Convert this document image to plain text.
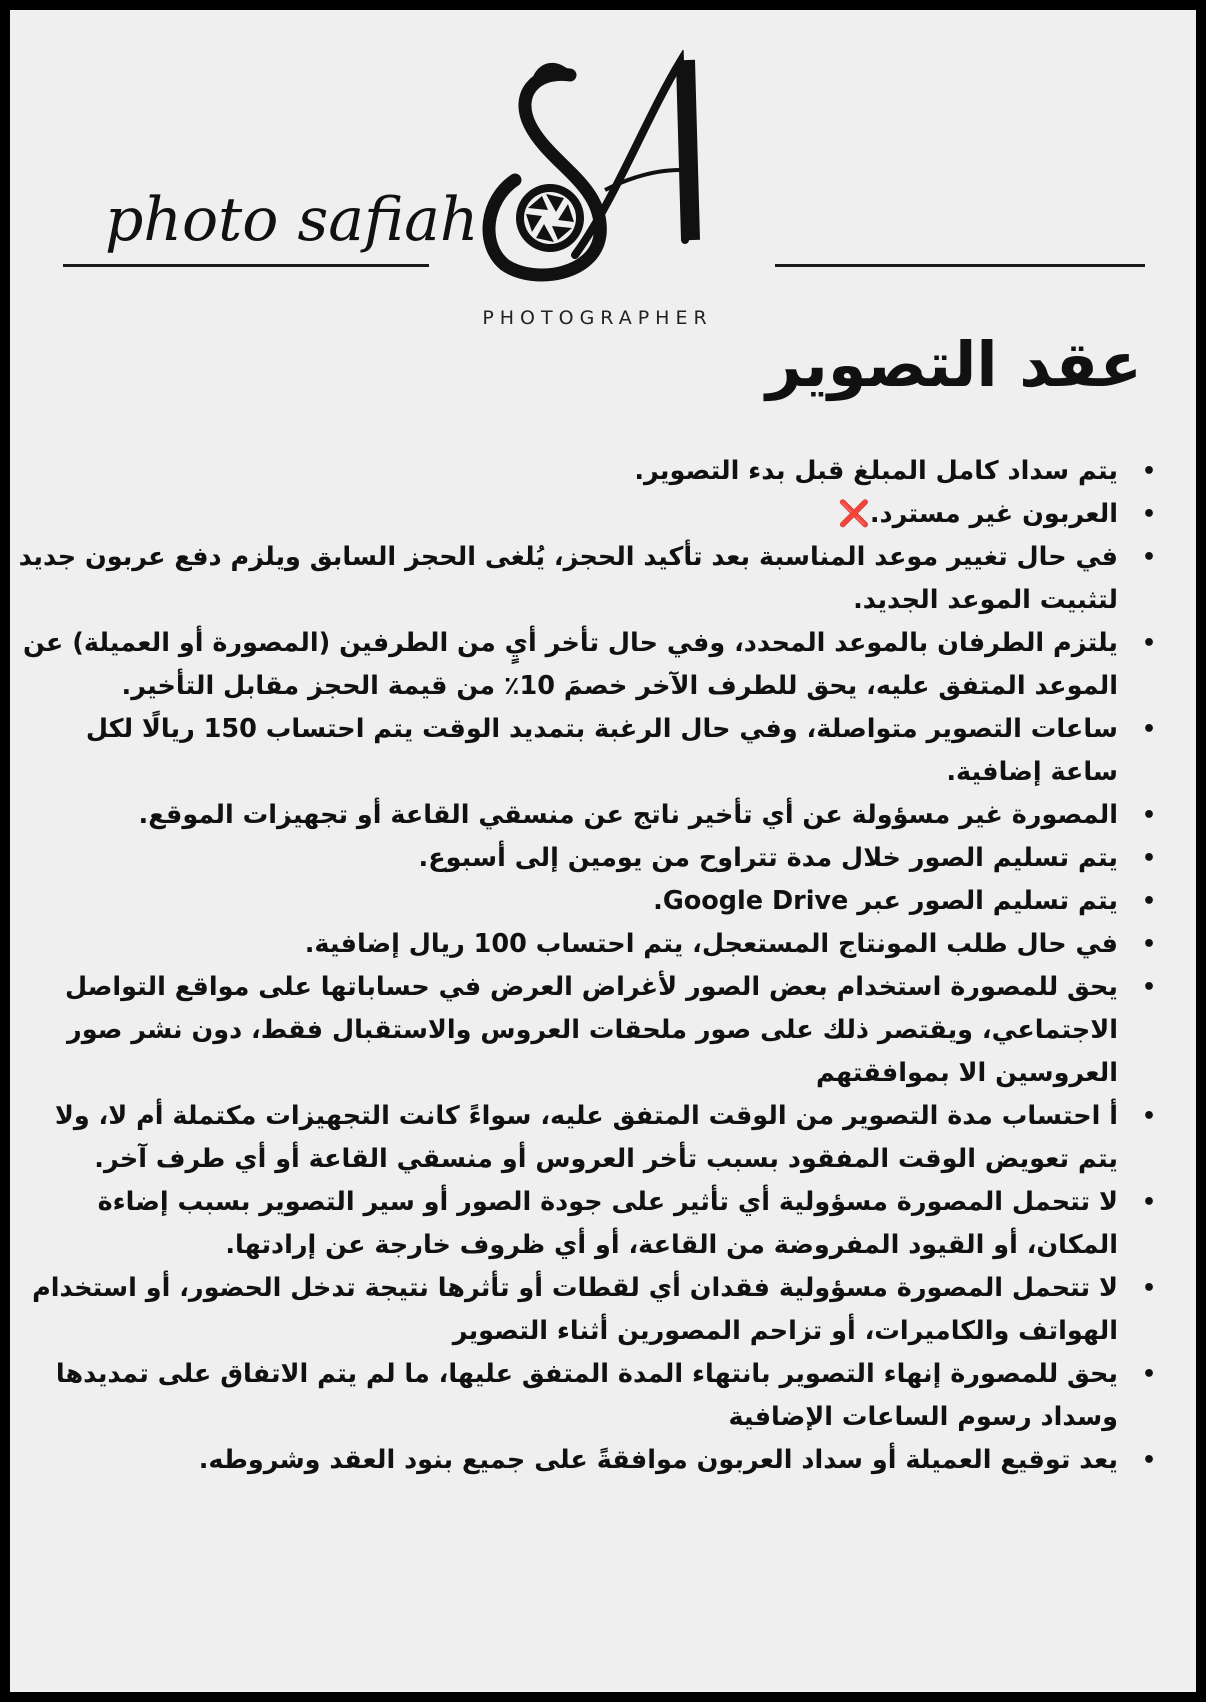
photo safiah
PHOTOGRAPHER
عقد التصوير
•
يتم سداد كامل المبلغ قبل بدء التصوير.
•
العربون غير مسترد.❌
•
في حال تغيير موعد المناسبة بعد تأكيد الحجز، يُلغى الحجز السابق ويلزم دفع عربون جديد لتثبيت الموعد الجديد.
•
يلتزم الطرفان بالموعد المحدد، وفي حال تأخر أيٍ من الطرفين (المصورة أو العميلة) عن الموعد المتفق عليه، يحق للطرف الآخر خصمَ 10٪ من قيمة الحجز مقابل التأخير.
•
ساعات التصوير متواصلة، وفي حال الرغبة بتمديد الوقت يتم احتساب 150 ريالًا لكل ساعة إضافية.
•
المصورة غير مسؤولة عن أي تأخير ناتج عن منسقي القاعة أو تجهيزات الموقع.
•
يتم تسليم الصور خلال مدة تتراوح من يومين إلى أسبوع.
•
يتم تسليم الصور عبر Google Drive.
•
في حال طلب المونتاج المستعجل، يتم احتساب 100 ريال إضافية.
•
يحق للمصورة استخدام بعض الصور لأغراض العرض في حساباتها على مواقع التواصل الاجتماعي، ويقتصر ذلك على صور ملحقات العروس والاستقبال فقط، دون نشر صور العروسين الا بموافقتهم
•
أ احتساب مدة التصوير من الوقت المتفق عليه، سواءً كانت التجهيزات مكتملة أم لا، ولا يتم تعويض الوقت المفقود بسبب تأخر العروس أو منسقي القاعة أو أي طرف آخر.
•
لا تتحمل المصورة مسؤولية أي تأثير على جودة الصور أو سير التصوير بسبب إضاءة المكان، أو القيود المفروضة من القاعة، أو أي ظروف خارجة عن إرادتها.
•
لا تتحمل المصورة مسؤولية فقدان أي لقطات أو تأثرها نتيجة تدخل الحضور، أو استخدام الهواتف والكاميرات، أو تزاحم المصورين أثناء التصوير
•
يحق للمصورة إنهاء التصوير بانتهاء المدة المتفق عليها، ما لم يتم الاتفاق على تمديدها وسداد رسوم الساعات الإضافية
•
يعد توقيع العميلة أو سداد العربون موافقةً على جميع بنود العقد وشروطه.
